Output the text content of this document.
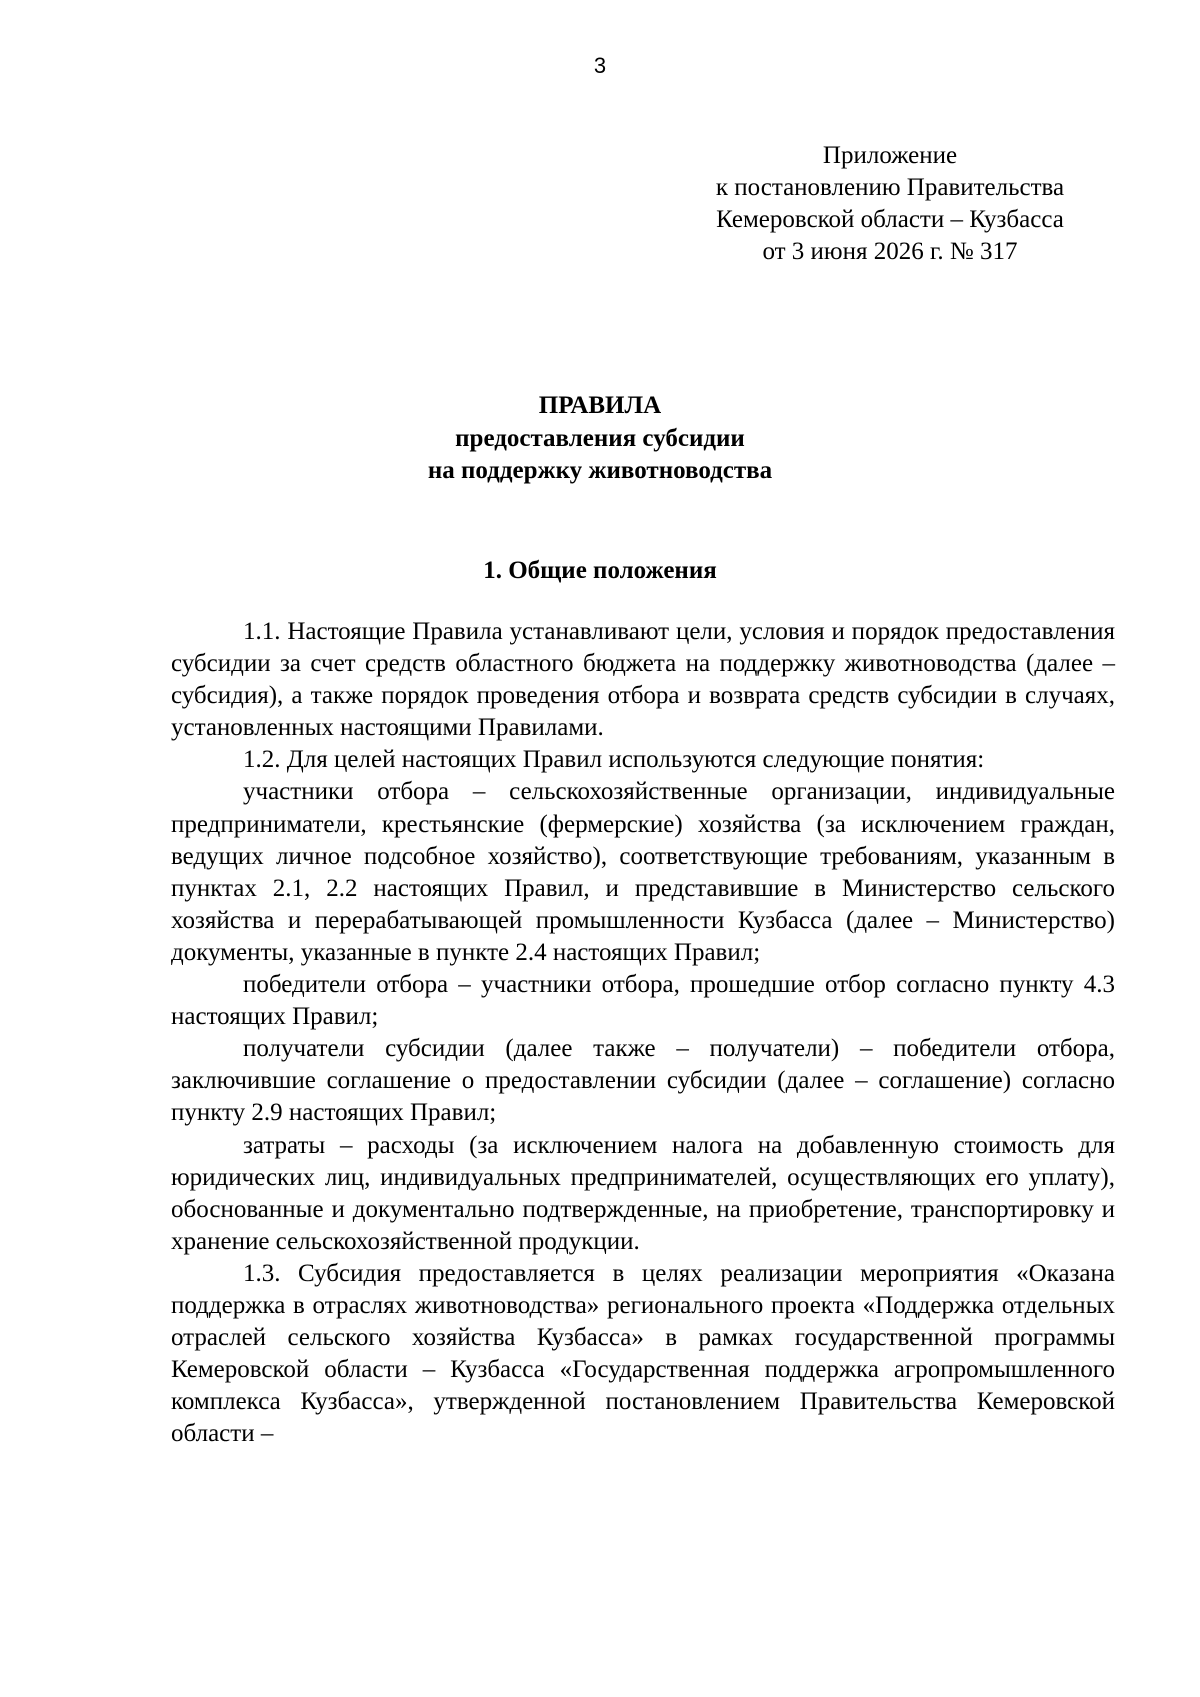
3
Приложение
к постановлению Правительства
Кемеровской области – Кузбасса
от 3 июня 2026 г. № 317
ПРАВИЛА
предоставления субсидии
на поддержку животноводства
1. Общие положения

1.1. Настоящие Правила устанавливают цели, условия и порядок предоставления субсидии за счет средств областного бюджета на поддержку животноводства (далее – субсидия), а также порядок проведения отбора и возврата средств субсидии в случаях, установленных настоящими Правилами.

1.2. Для целей настоящих Правил используются следующие понятия:

участники отбора – сельскохозяйственные организации, индивидуальные предприниматели, крестьянские (фермерские) хозяйства (за исключением граждан, ведущих личное подсобное хозяйство), соответствующие требованиям, указанным в пунктах 2.1, 2.2 настоящих Правил, и представившие в Министерство сельского хозяйства и перерабатывающей промышленности Кузбасса (далее – Министерство) документы, указанные в пункте 2.4 настоящих Правил;

победители отбора – участники отбора, прошедшие отбор согласно пункту 4.3 настоящих Правил;

получатели субсидии (далее также – получатели) – победители отбора, заключившие соглашение о предоставлении субсидии (далее – соглашение) согласно пункту 2.9 настоящих Правил;

затраты – расходы (за исключением налога на добавленную стоимость для юридических лиц, индивидуальных предпринимателей, осуществляющих его уплату), обоснованные и документально подтвержденные, на приобретение, транспортировку и хранение сельскохозяйственной продукции.

1.3. Субсидия предоставляется в целях реализации мероприятия «Оказана поддержка в отраслях животноводства» регионального проекта «Поддержка отдельных отраслей сельского хозяйства Кузбасса» в рамках государственной программы Кемеровской области – Кузбасса «Государственная поддержка агропромышленного комплекса Кузбасса», утвержденной постановлением Правительства Кемеровской области –
